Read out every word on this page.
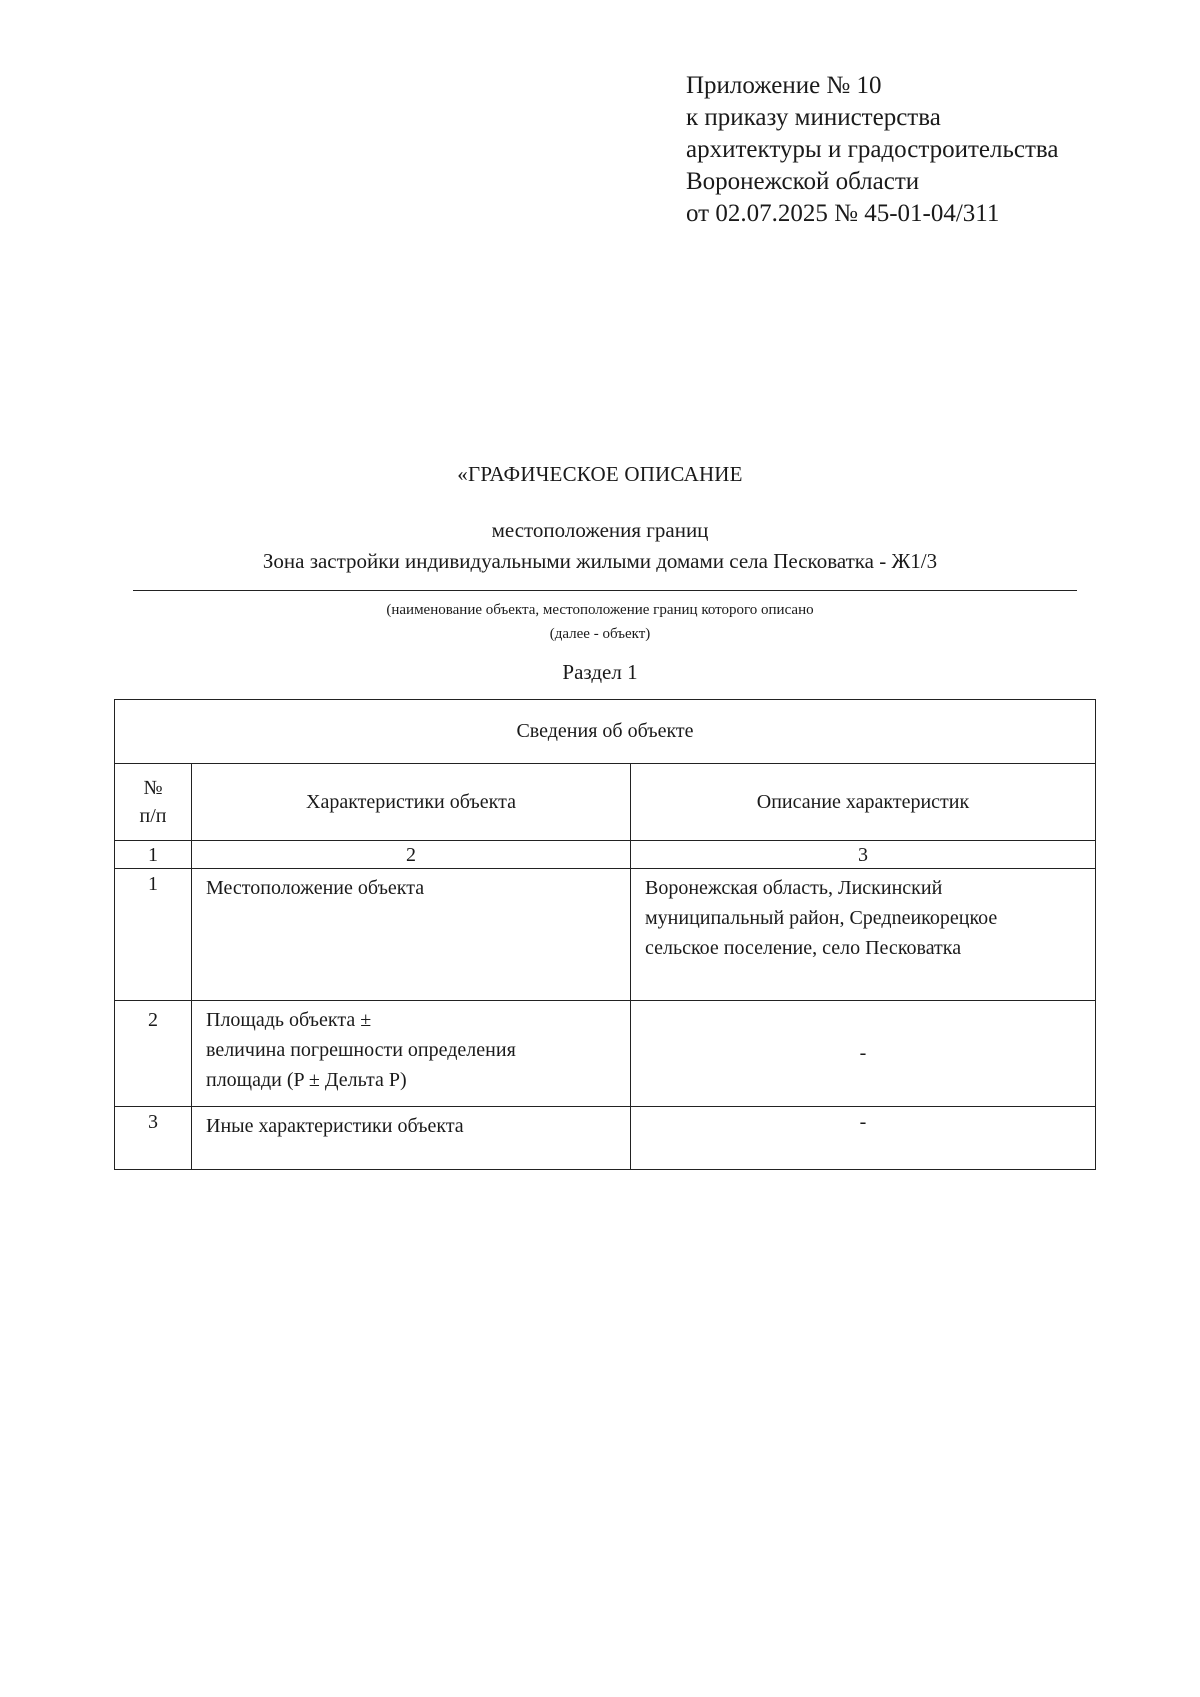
Приложение № 10
к приказу министерства
архитектуры и градостроительства
Воронежской области
от 02.07.2025 № 45-01-04/311
«ГРАФИЧЕСКОЕ ОПИСАНИЕ
местоположения границ
Зона застройки индивидуальными жилыми домами села Песковатка - Ж1/3
(наименование объекта, местоположение границ которого описано
(далее - объект)
Раздел 1
Сведения об объекте		

№
п/п	Характеристики объекта	Описание характеристик
1	2	3
1	Местоположение объекта	Воронежская область, Лискинский
муниципальный район, Средneикорецкое
сельское поселение, село Песковатка

2	Площадь объекта ±
величина погрешности определения
площади (P ± Дельта P)	-
3	Иные характеристики объекта	-
